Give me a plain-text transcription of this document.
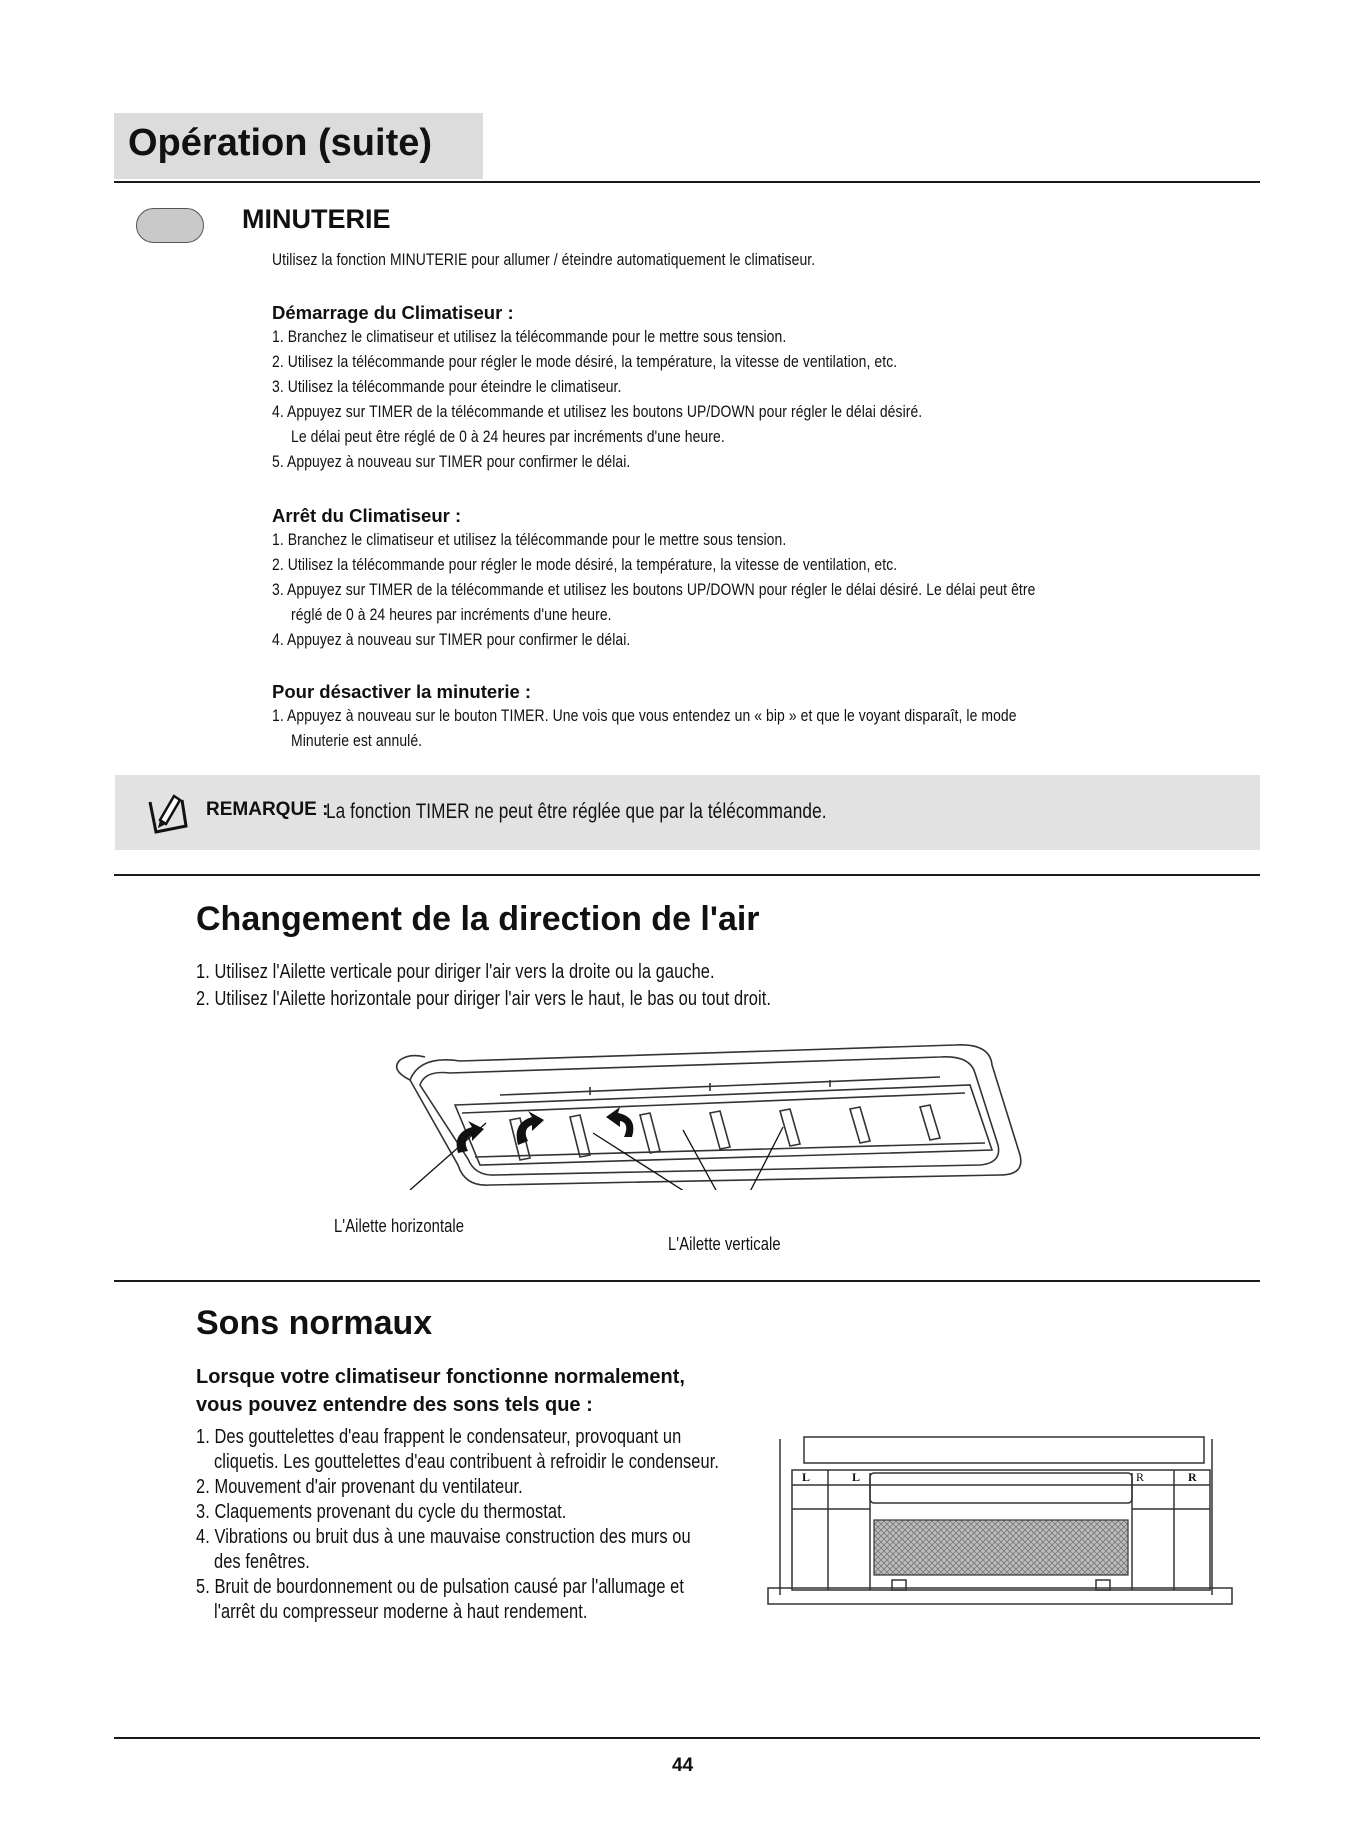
Opération (suite)
MINUTERIE
Utilisez la fonction MINUTERIE pour allumer / éteindre automatiquement le climatiseur.
Démarrage du Climatiseur :
1. Branchez le climatiseur et utilisez la télécommande pour le mettre sous tension.
2. Utilisez la télécommande pour régler le mode désiré, la température, la vitesse de ventilation, etc.
3. Utilisez la télécommande pour éteindre le climatiseur.
4. Appuyez sur TIMER de la télécommande et utilisez les boutons UP/DOWN pour régler le délai désiré.
Le délai peut être réglé de 0 à 24 heures par incréments d'une heure.
5. Appuyez à nouveau sur TIMER pour confirmer le délai.
Arrêt du Climatiseur :
1. Branchez le climatiseur et utilisez la télécommande pour le mettre sous tension.
2. Utilisez la télécommande pour régler le mode désiré, la température, la vitesse de ventilation, etc.
3. Appuyez sur TIMER de la télécommande et utilisez les boutons UP/DOWN pour régler le délai désiré. Le délai peut être
réglé de 0 à 24 heures par incréments d'une heure.
4. Appuyez à nouveau sur TIMER pour confirmer le délai.
Pour désactiver la minuterie :
1. Appuyez à nouveau sur le bouton TIMER. Une vois que vous entendez un « bip » et que le voyant disparaît, le mode
Minuterie est annulé.
REMARQUE :
La fonction TIMER ne peut être réglée que par la télécommande.
Changement de la direction de l'air
1. Utilisez l'Ailette verticale pour diriger l'air vers la droite ou la gauche.
2. Utilisez l'Ailette horizontale pour diriger l'air vers le haut, le bas ou tout droit.
L'Ailette horizontale
L'Ailette verticale
Sons normaux
Lorsque votre climatiseur fonctionne normalement,
vous pouvez entendre des sons tels que :
1. Des gouttelettes d'eau frappent le condensateur, provoquant un
cliquetis. Les gouttelettes d'eau contribuent à refroidir le condenseur.
2. Mouvement d'air provenant du ventilateur.
3. Claquements provenant du cycle du thermostat.
4. Vibrations ou bruit dus à une mauvaise construction des murs ou
des fenêtres.
5. Bruit de bourdonnement ou de pulsation causé par l'allumage et
l'arrêt du compresseur moderne à haut rendement.
L	L	R	R
44
